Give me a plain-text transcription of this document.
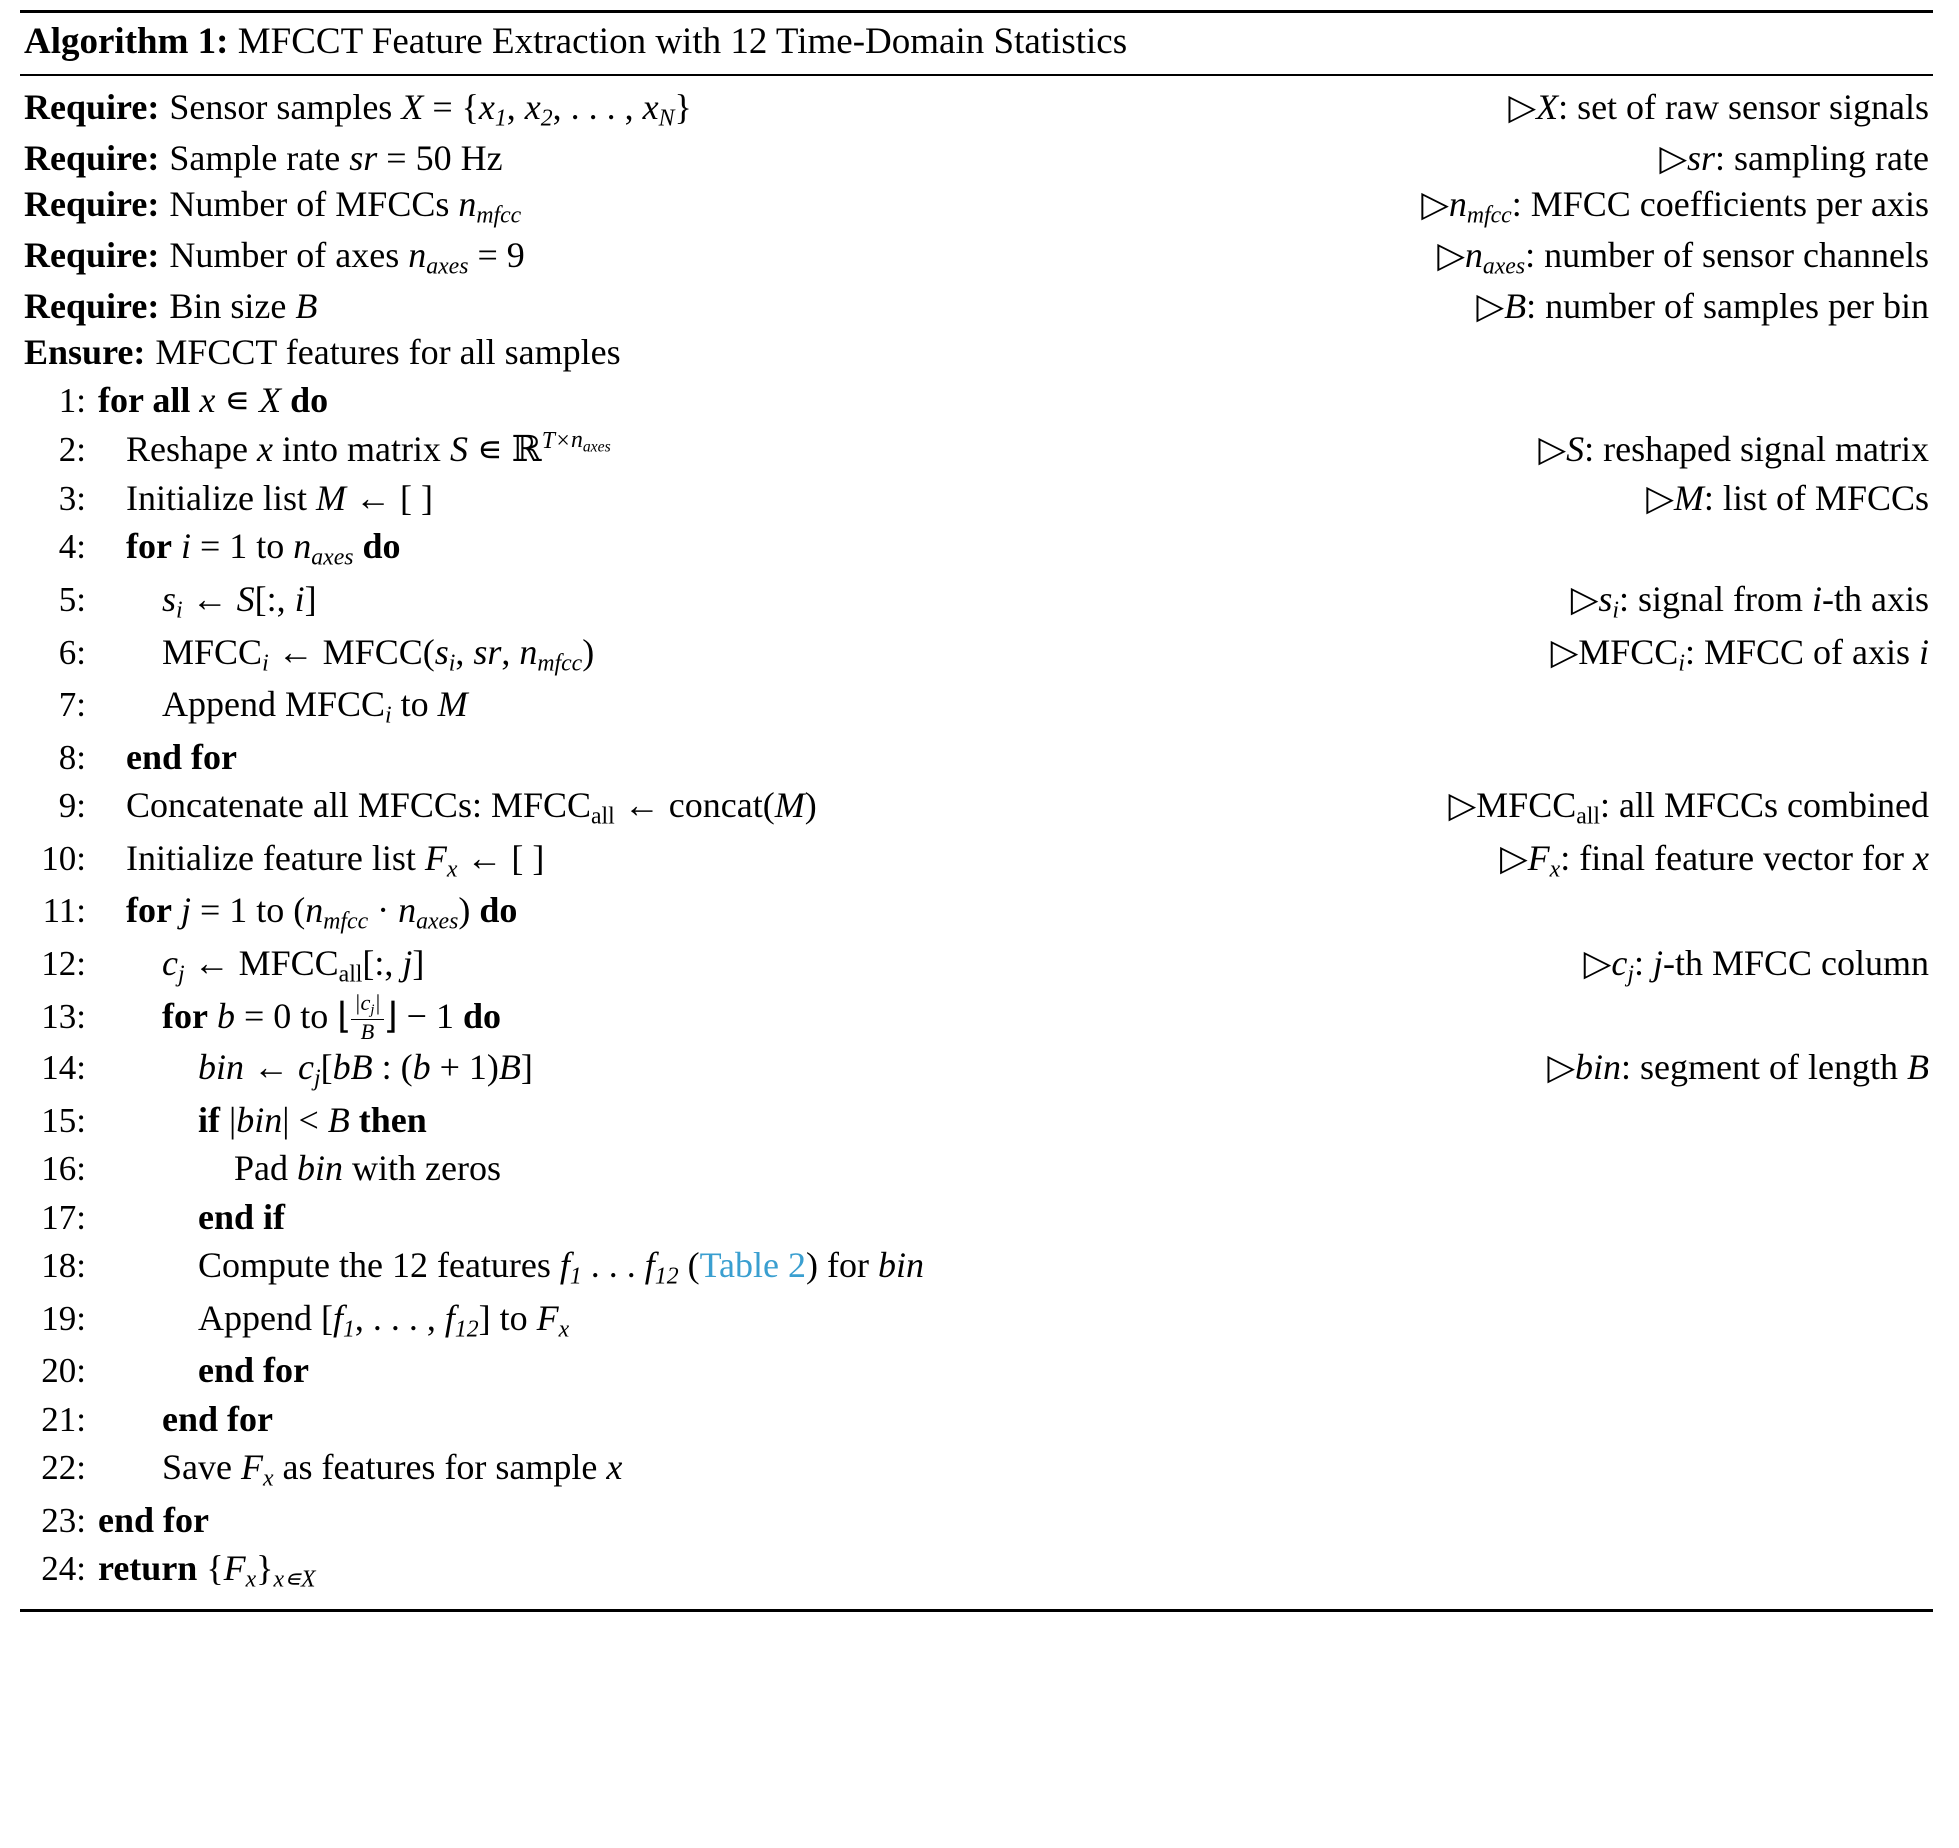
Algorithm 1: MFCCT Feature Extraction with 12 Time-Domain Statistics
Require: Sensor samples $X = \{x_1$, $x_2$, . . . , $x_N$}	▷X: set of raw sensor signals
Require: Sample rate sr = 50 Hz	▷sr: sampling rate
Require: Number of MFCCs $n_{mfcc}$	$▷n_{mfcc}$: MFCC coefficients per axis
Require: Number of axes $n_{axes} = 9$	$▷n_{axes}$: number of sensor channels
Require: Bin size B	▷B: number of samples per bin
Ensure: MFCCT features for all samples
1: for all x ∊ X do
2:	Reshape x into matrix S ∊ ℝ$^{T\times n_{axes}}$	▷S: reshaped signal matrix
3:	Initialize list M ← [ ]	▷M: list of MFCCs
4:	for i = 1 to $n_{axes}$ do
5:	$s_i$ ← S[:, i]	$▷s_i$: signal from i-th axis
6:	$MFCC_i$ ← $MFCC(s_i$, sr, $n_{mfcc}$)	$▷MFCC_i$: MFCC of axis i
7:	Append $MFCC_i$ to M
8:	end for
9:	Concatenate all MFCCs: $MFCC_{all}$ ← concat(M)	$▷MFCC_{all}$: all MFCCs combined
10:	Initialize feature list $F_x$ ← [ ]	$▷F_x$: final feature vector for x
11:	for j = 1 to $(n_{mfcc} \cdot n_{axes})$ do
12:	$c_j$ ← $MFCC_{all}$[:, j]	$▷c_j$: j-th MFCC column
13:	for b = 0 to ⌊ $\frac{|c_j|}{B}$ ⌋ − 1 do
14:	bin ← $c_j[bB$ : (b + 1)B]	▷bin: segment of length B
15:	if |bin| < B then
16:	Pad bin with zeros
17:	end if
18:	Compute the 12 features $f_1$ . . . $f_{12}$ (Table 2) for bin
19:	Append [$f_1$, . . . , $f_{12}$] to $F_x$
20:	end for
21:	end for
22:	Save $F_x$ as features for sample x
23: end for
24: return $\{F_x\}_{x∊X}$
